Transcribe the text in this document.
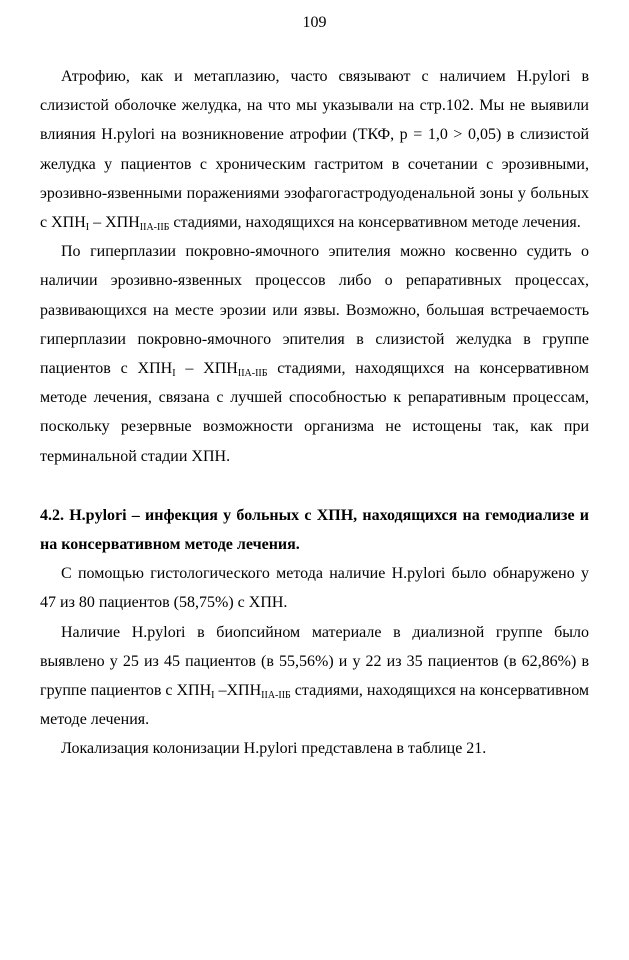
109

Атрофию, как и метаплазию, часто связывают с наличием H.pylori в слизистой оболочке желудка, на что мы указывали на стр.102. Мы не выявили влияния H.pylori на возникновение атрофии (ТКФ, р = 1,0 > 0,05) в слизистой желудка у пациентов с хроническим гастритом в сочетании с эрозивными, эрозивно-язвенными поражениями эзофагогастродуоденальной зоны у больных с $ХПН_I - ХПН_{IIА-IIБ}$ стадиями, находящихся на консервативном методе лечения.

По гиперплазии покровно-ямочного эпителия можно косвенно судить о наличии эрозивно-язвенных процессов либо о репаративных процессах, развивающихся на месте эрозии или язвы. Возможно, большая встречаемость гиперплазии покровно-ямочного эпителия в слизистой желудка в группе пациентов с $ХПН_I - ХПН_{IIА-IIБ}$ стадиями, находящихся на консервативном методе лечения, связана с лучшей способностью к репаративным процессам, поскольку резервные возможности организма не истощены так, как при терминальной стадии ХПН.

4.2. H.pylori – инфекция у больных с ХПН, находящихся на гемодиализе и на консервативном методе лечения.

С помощью гистологического метода наличие H.pylori было обнаружено у 47 из 80 пациентов (58,75%) с ХПН.

Наличие H.pylori в биопсийном материале в диализной группе было выявлено у 25 из 45 пациентов (в 55,56%) и у 22 из 35 пациентов (в 62,86%) в группе пациентов с $ХПН_I$ $-ХПН_{IIА-IIБ}$ стадиями, находящихся на консервативном методе лечения.

Локализация колонизации H.pylori представлена в таблице 21.
